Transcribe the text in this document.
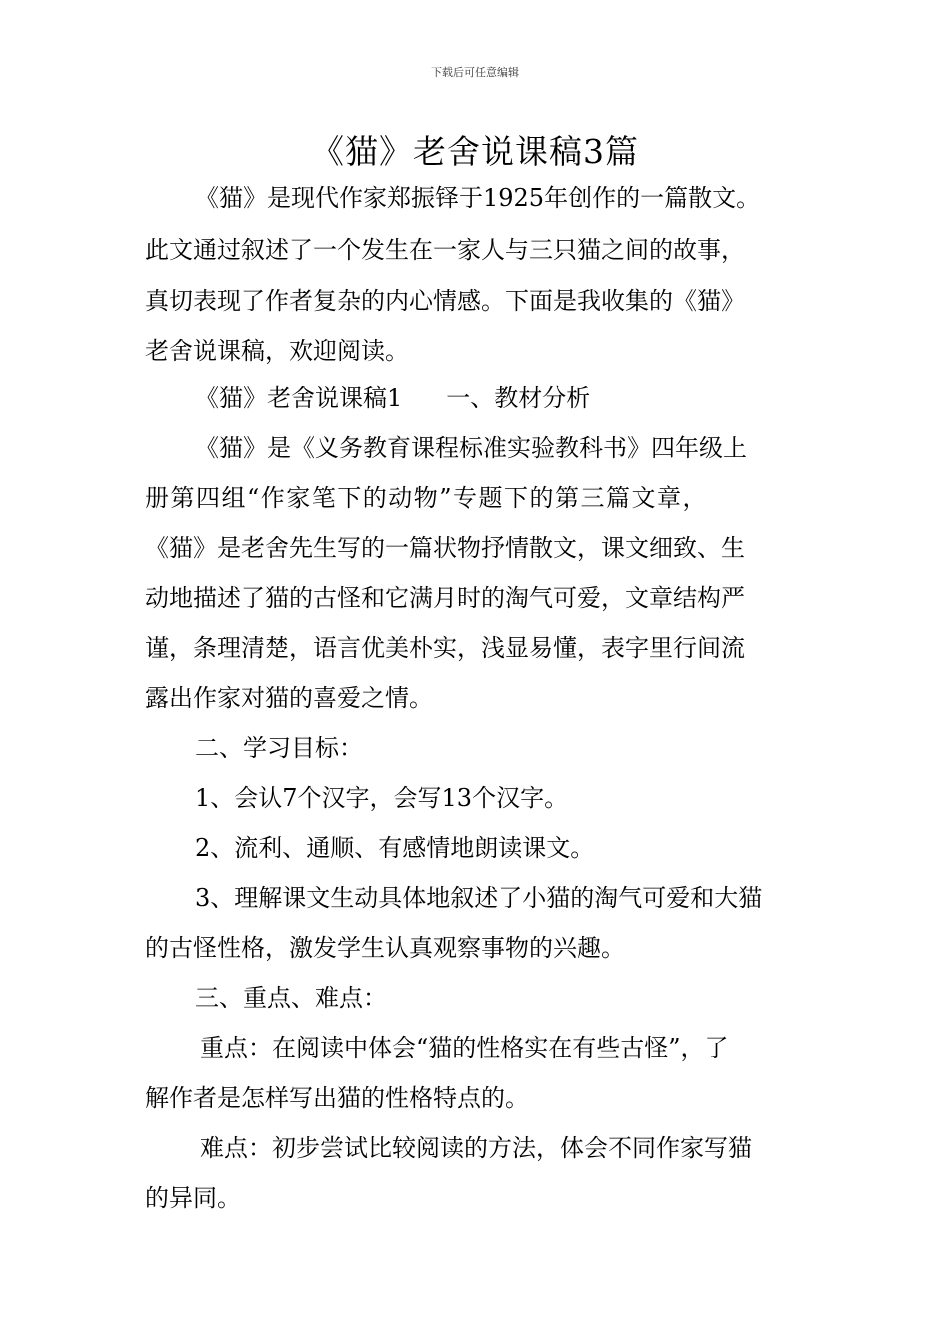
下载后可任意编辑
《猫》老舍说课稿3篇
《猫》是现代作家郑振铎于1925年创作的一篇散文。
此文通过叙述了一个发生在一家人与三只猫之间的故事，
真切表现了作者复杂的内心情感。下面是我收集的《猫》
老舍说课稿，欢迎阅读。
《猫》老舍说课稿1 一、教材分析
《猫》是《义务教育课程标准实验教科书》四年级上
册第四组“作家笔下的动物”专题下的第三篇文章，
《猫》是老舍先生写的一篇状物抒情散文，课文细致、生
动地描述了猫的古怪和它满月时的淘气可爱，文章结构严
谨，条理清楚，语言优美朴实，浅显易懂，表字里行间流
露出作家对猫的喜爱之情。
二、学习目标：
1、会认7个汉字，会写13个汉字。
2、流利、通顺、有感情地朗读课文。
3、理解课文生动具体地叙述了小猫的淘气可爱和大猫
的古怪性格，激发学生认真观察事物的兴趣。
三、重点、难点：
重点：在阅读中体会“猫的性格实在有些古怪”，了
解作者是怎样写出猫的性格特点的。
难点：初步尝试比较阅读的方法，体会不同作家写猫
的异同。
